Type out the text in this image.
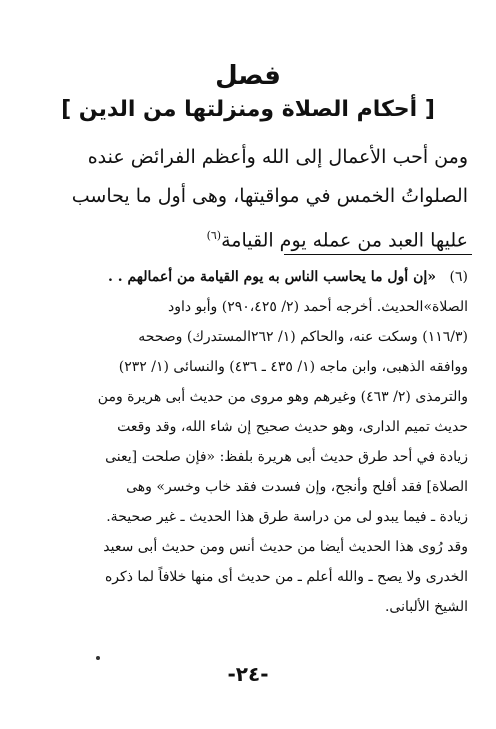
فصل
[ أحكام الصلاة ومنزلتها من الدين ]
ومن أحب الأعمال إلى الله وأعظم الفرائض عنده
الصلواتُ الخمس في مواقيتها، وهى أول ما يحاسب
عليها العبد من عمله يوم القيامة$^{(٦)}$
(٦)
«إن أول ما يحاسب الناس به يوم القيامة من أعمالهم . .
الصلاة»الحديث. أخرجه أحمد (٢/ ٢٩٠،٤٢٥) وأبو داود
(١١٦/٣) وسكت عنه، والحاكم (١/ ٢٦٢المستدرك) وصححه
ووافقه الذهبى، وابن ماجه (١/ ٤٣٥ ـ ٤٣٦) والنسائى (١/ ٢٣٢)
والترمذى (٢/ ٤٦٣) وغيرهم وهو مروى من حديث أبى هريرة ومن
حديث تميم الدارى، وهو حديث صحيح إن شاء الله، وقد وقعت
زيادة في أحد طرق حديث أبى هريرة بلفظ: «فإن صلحت [يعنى
الصلاة] فقد أفلح وأنجح، وإن فسدت فقد خاب وخسر» وهى
زيادة ـ فيما يبدو لى من دراسة طرق هذا الحديث ـ غير صحيحة.
وقد رُوى هذا الحديث أيضا من حديث أنس ومن حديث أبى سعيد
الخدرى ولا يصح ـ والله أعلم ـ من حديث أى منها خلافاً لما ذكره
الشيخ الألبانى.
-٢٤-
